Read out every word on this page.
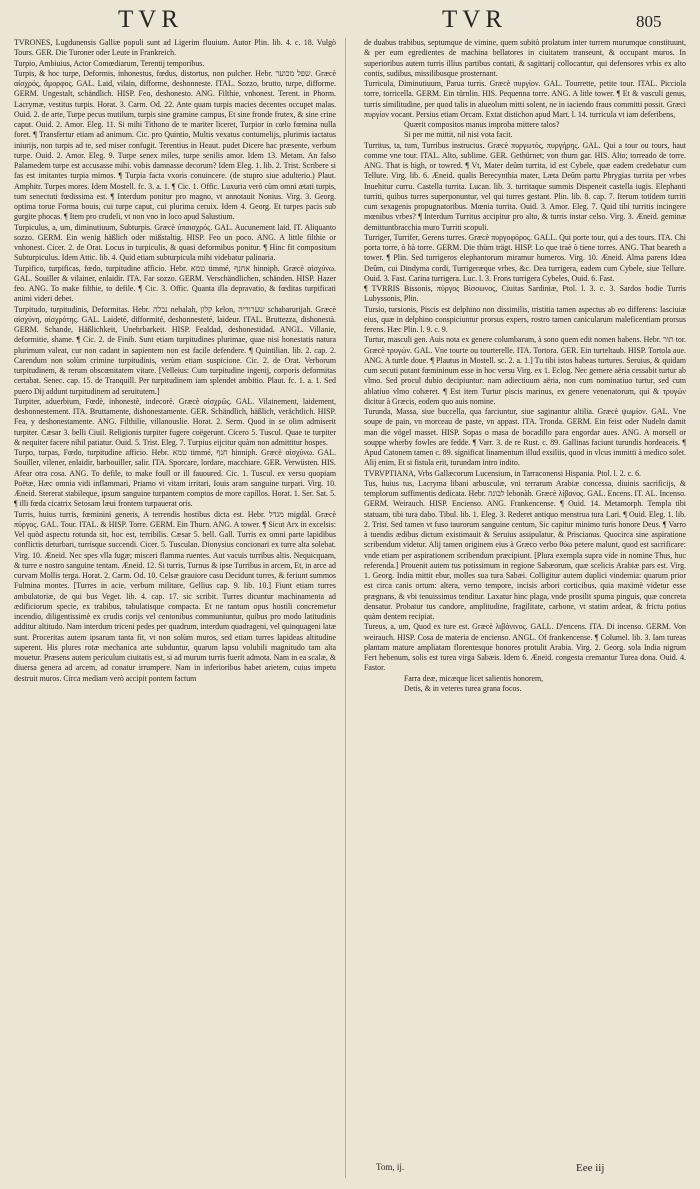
TVR	TVR	805

TVRONES, Lugdunensis Galliæ populi sunt ad Ligerim fluuium. Autor Plin. lib. 4. c. 18. Vulgò Tours. GER. Die Turoner oder Leute in Frankreich.

Turpio, Ambiuius, Actor Comœdiarum, Terentij temporibus.

Turpis, & hoc turpe, Deformis, inhonestus, fœdus, distortus, non pulcher. Hebr. שפל מכוער. Græcè αἰσχρός, ἄμορφος. GAL. Laid, vilain, difforme, deshonneste. ITAL. Sozzo, brutto, turpe, difforme. GERM. Ungestalt, schändlich. HISP. Feo, deshonesto. ANG. Filthie, vnhonest. Terent. in Phorm. Lacrymæ, vestitus turpis. Horat. 3. Carm. Od. 22. Ante quam turpis macies decentes occupet malas. Ouid. 2. de arte, Turpe pecus mutilum, turpis sine gramine campus, Et sine fronde frutex, & sine crine caput. Ouid. 2. Amor. Eleg. 11. Si mihi Tithono de te mariter liceret, Turpior in cœlo fœmina nulla foret. ¶ Transfertur etiam ad animum. Cic. pro Quintio, Multis vexatus contumelijs, plurimis iactatus iniurijs, non turpis ad te, sed miser confugit. Terentius in Heaut. pudet Dicere hac præsente, verbum turpe. Ouid. 2. Amor. Eleg. 9. Turpe senex miles, turpe senilis amor. Idem 13. Metam. An falso Palamedem turpe est accusasse mihi. vobis damnasse decorum? Idem Eleg. 1. lib. 2. Trist. Scribere si fas est imitantes turpia mimos. ¶ Turpia facta vxoris conuincere. (de stupro siue adulterio.) Plaut. Amphitr. Turpes mores. Idem Mostell. fc. 3. a. 1. ¶ Cic. 1. Offic. Luxuria verò cùm omni ætati turpis, tum senectuti fœdissima est. ¶ Interdum ponitur pro magno, vt annotauit Nonius. Virg. 3. Georg. optima torue Forma bouis, cui turpe caput, cui plurima ceruix. Idem 4. Georg. Et turpes pacis sub gurgite phocas. ¶ Item pro crudeli, vt non vno in loco apud Salustium.

Turpiculus, a, um, diminutiuum, Subturpis. Græcè ὑπαισχρός. GAL. Aucunement laid. IT. Aliquanto sozzo. GERM. Ein wenig häßlich oder mißstaltig. HISP. Feo un poco. ANG. A little filthie or vnhonest. Cicer. 2. de Orat. Locus in turpiculis, & quasi deformibus ponitur. ¶ Hinc fit compositum Subturpiculus. Idem Attic. lib. 4. Quid etiam subturpicula mihi videbatur palinaria.

Turpifico, turpificas, fœdo, turpitudine afficio. Hebr. טמא timmé, אחנף hinniph. Græcè αἰσχύνω. GAL. Souiller & vilainer, enlaidir. ITA. Far sozzo. GERM. Verschändlichen, schänden. HISP. Hazer feo. ANG. To make filthie, to defile. ¶ Cic. 3. Offic. Quanta illa depravatio, & fœditas turpificati animi videri debet.

Turpitudo, turpitudinis, Deformitas. Hebr. נבלה nebalah, קלון kelon, שערוריה schabarurijah. Græcè αἰσχύνη, αἰσχρότης. GAL. Laideté, difformité, deshonnesteté, laideur. ITAL. Bruttezza, dishonestà. GERM. Schande, Häßlichkeit, Unehrbarkeit. HISP. Fealdad, deshonestidad. ANGL. Villanie, deformitie, shame. ¶ Cic. 2. de Finib. Sunt etiam turpitudines plurimae, quae nisi honestatis natura plurimum valeat, cur non cadant in sapientem non est facile defendere. ¶ Quintilian. lib. 2. cap. 2. Carendum non solùm crimine turpitudinis, verùm etiam suspicione. Cic. 2. de Orat. Verborum turpitudinem, & rerum obscœnitatem vitare. [Velleius: Cum turpitudine ingenij, corporis deformitas certabat. Senec. cap. 15. de Tranquill. Per turpitudinem iam splendet ambitio. Plaut. fc. 1. a. 1. Sed puero Dij addunt turpitudinem ad seruitutem.]

Turpiter, aduerbium, Fœdè, inhonestè, indecorè. Græcè αἰσχρῶς. GAL. Vilainement, laidement, deshonnestement. ITA. Bruttamente, dishonestamente. GER. Schändlich, häßlich, verächtlich. HISP. Fea, y deshonestamente. ANG. Filthilie, villanouslie. Horat. 2. Serm. Quod in se olim admiserit turpiter. Cæsar 3. belli Ciuil. Religionis turpiter fugere coëgerunt. Cicero 5. Tuscul. Quae te turpiter & nequiter facere nihil patiatur. Ouid. 5. Trist. Eleg. 7. Turpius eijcitur quàm non admittitur hospes.

Turpo, turpas, Fœdo, turpitudine afficio. Hebr. טמא timmé, חנף hinniph. Græcè αἰσχύνω. GAL. Souiller, vilener, enlaidir, barbouiller, salir. ITA. Sporcare, lordare, macchiare. GER. Verwüsten. HIS. Afear otra cosa. ANG. To defile, to make foull or ill fauoured. Cic. 1. Tuscul. ex versu quopiam Poëtæ, Hæc omnia vidi inflammari, Priamo vi vitam irritari, Iouis aram sanguine turpari. Virg. 10. Æneid. Stererat stabileque, ipsum sanguine turpantem comptos de more capillos. Horat. 1. Ser. Sat. 5. ¶ illi fœda cicatrix Setosam læui frontem turpauerat oris.

Turris, huius turris, fœminini generis, A terrendis hostibus dicta est. Hebr. מגדל migdàl. Græcè πύργος. GAL. Tour. ITAL. & HISP. Torre. GERM. Ein Thurn. ANG. A tower. ¶ Sicut Arx in excelsis: Vel quòd aspectu rotunda sit, hoc est, terribilis. Cæsar 5. bell. Gall. Turris ex omni parte lapidibus conflictis deturbari, turrisque succendi. Cicer. 5. Tusculan. Dionysius concionari ex turre alta solebat. Virg. 10. Æneid. Nec spes vlla fugæ; misceri flamma ruentes. Aut vacuis turribus altis. Nequicquam, & turre e nostro sanguine tentam. Æneid. 12. Si turris, Turnus & ipse Turribus in arcem, Et, in arce ad curvam Mollis terga. Horat. 2. Carm. Od. 10. Celsæ grauiore casu Decidunt turres, & feriunt summos Fulmina montes. [Turres in acie, verbum militare, Gellius cap. 9. lib. 10.] Fiunt etiam turres ambulatoriæ, de qui bus Veget. lib. 4. cap. 17. sic scribit. Turres dicuntur machinamenta ad ædificiorum specie, ex trabibus, tabulatisque compacta. Et ne tantum opus hostili concremetur incendio, diligentissimè ex crudis corijs vel centonibus communiuntur, quibus pro modo latitudinis additur altitudo. Nam interdum triceni pedes per quadrum, interdum quadrageni, vel quinquageni latæ sunt. Proceritas autem ipsarum tanta fit, vt non solùm muros, sed etiam turres lapideas altitudine superent. His plures rotæ mechanica arte subduntur, quarum lapsu volubili magnitudo tam alta mouetur. Præsens autem periculum ciuitatis est, si ad murum turris fuerit admota. Nam in ea scalæ, & diuersa genera ad arcem, ad conatur irrumpere. Nam in inferioribus habet arietem, cuius impetu destruit muros. Circa mediam verò accipit pontem factum

de duabus trabibus, septumque de vimine, quem subitò prolatum inter turrem murumque constituunt, & per eum egredientes de machina bellatores in ciuitatem transeunt, & occupant muros. In superioribus autem turris illius partibus contati, & sagittarij collocantur, qui defensores vrbis ex alto contis, sudibus, missilibusque prosternant.

Turricula, Diminutiuum, Parua turris. Græcè πυργίον. GAL. Tourrette, petite tour. ITAL. Picciola torre, torricella. GERM. Ein türnlin. HIS. Pequenna torre. ANG. A litle tower. ¶ Et & vasculi genus, turris similitudine, per quod talis in alueolum mitti solent, ne in iaciendo fraus committi possit. Græci πυργίον vocant. Persius etiam Orcam. Extat distichon apud Mart. l. 14. turricula vt iam deferibens,

Quærit compositos manus improba mittere talos?

Si per me mittit, nil nisi vota facit.

Turritus, ta, tum, Turribus instructus. Græcè πυργωτός, πυργήρης. GAL. Qui a tour ou tours, haut comme vne tour. ITAL. Alto, sublime. GER. Gethürnet; von thurn gar. HIS. Alto; torreado de torre. ANG. That is high, or towred. ¶ Vt, Mater deûm turrita, id est Cybele, quæ eadem credebatur cum Tellure. Virg. lib. 6. Æneid. qualis Berecynthia mater, Læta Deûm partu Phrygias turrita per vrbes Inuehitur curru. Castella turrita. Lucan. lib. 3. turritaque summis Dispeneit castella iugis. Elephanti turriti, quibus turres superponuntur, vel qui turres gestant. Plin. lib. 8. cap. 7. Iterum totidem turriti cum sexagenis propugnatoribus. Mœnia turrita. Ouid. 3. Amor. Eleg. 7. Quid tibi turritis incingere mœnibus vrbes? ¶ Interdum Turritus accipitur pro alto, & turris instar celso. Virg. 3. Æneid. geminæ demittuntbracchia muro Turriti scopuli.

Turriger, Turrifer, Gerens turres. Græcè πυργοφόρος. GALL. Qui porte tour, qui a des tours. ITA. Chi porta torre, ò hà torre. GERM. Die thürn trägt. HISP. Lo que traè ò tiene torres. ANG. That beareth a tower. ¶ Plin. Sed turrigeros elephantorum miramur humeros. Virg. 10. Æneid. Alma parens Idæa Deûm, cui Dindyma cordi, Turrigeræque vrbes, &c. Dea turrigera, eadem cum Cybele, siue Tellure. Ouid. 3. Fast. Carina turrigera. Luc. l. 3. Frons turrigera Cybeles, Ouid. 6. Fast.

¶ TVRRIS Bissonis, πύργος Βίσσωνος, Ciuitas Sardiniæ, Ptol. l. 3. c. 3. Sardos hodie Turris Lubyssonis, Plin.

Tursio, tursionis, Piscis est delphino non dissimilis, tristitia tamen aspectus ab eo differens: lasciuiæ eius, quæ in delphino conspiciuntur prorsus expers, rostro tamen canicularum maleficentiam prorsus ferens. Hæc Plin. l. 9. c. 9.

Turtur, masculi gen. Auis nota ex genere columbarum, à sono quem edit nomen habens. Hebr. תור tor. Græcè τρυγών. GAL. Vne tourte ou tourterelle. ITA. Tortora. GER. Ein turteltaub. HISP. Tortola aue. ANG. A turtle doue. ¶ Plautus in Mostell. sc. 2. a. 1.] Tu tibi istos habeas turtures. Seruius, & quidam cum secuti putant fœmininum esse in hoc versu Virg. ex 1. Eclog. Nec gemere aëria cessabit turtur ab vlmo. Sed procul dubio decipiuntur: nam adiectiuum aëria, non cum nominatiuo turtur, sed cum ablatiuo vlmo cohæret. ¶ Est item Turtur piscis marinus, ex genere venenatorum, qui & τρυγών dicitur à Græcis, eodem quo auis nomine.

Turunda, Massa, siue buccella, qua farciuntur, siue saginantur altilia. Græcè ψωμίον. GAL. Vne soupe de pain, vn morceau de paste, vn appast. ITA. Tronda. GERM. Ein feist oder Nudeln damit man die vögel masset. HISP. Sopas o masa de bocadillo para engordar aues. ANG. A morsell or souppe wherby fowles are fedde. ¶ Varr. 3. de re Rust. c. 89. Gallinas faciunt turundis hordeaceis. ¶ Apud Catonem tamen c. 89. significat linamentum illud exsiliis, quod in vlcus immitti à medico solet. Alij enim, Et si fistula erit, turundam intro indito.

TVRVPTIANA, Vrbs Gallæcorum Lucensium, in Tarraconensi Hispania. Ptol. l. 2. c. 6.

Tus, huius tus, Lacryma libani arbusculæ, vni terrarum Arabiæ concessa, diuinis sacrificijs, & templorum suffimentis dedicata. Hebr. לבונה lebonàh. Græcè λίβανος. GAL. Encens. IT. AL. Incenso. GERM. Weirauch. HISP. Encienso. ANG. Frankencense. ¶ Ouid. 14. Metamorph. Templa tibi statuam, tibi tura dabo. Tibul. lib. 1. Eleg. 3. Rederet antiquo menstrua tura Lari. ¶ Ouid. Eleg. 1. lib. 2. Trist. Sed tamen vt fuso taurorum sanguine centum, Sic capitur minimo turis honore Deus. ¶ Varro à tuendis ædibus dictum existimauit & Seruius assipulatur, & Priscianus. Quocirca sine aspiratione scribendum videtur. Alij tamen originem eius à Græco verbo θύω petere malunt, quod est sacrificare: vnde etiam per aspirationem scribendum præcipiunt. [Plura exempla supra vide in nomine Thus, huc referenda.] Prouenit autem tus potissimum in regione Sabæorum, quæ scelicis Arabiæ pars est. Virg. 1. Georg. India mittit ebur, molles sua tura Sabæi. Colligitur autem duplici vindemia: quarum prior est circa canis ortum: altera, verno tempore, incisis arbori corticibus, quia maximè videtur esse prægnans, & vbi tenuissimus tenditur. Laxatur hinc plaga, vnde prosilit spuma pinguis, quæ concreta densatur. Probatur tus candore, amplitudine, fragilitate, carbone, vt statim ardeat, & frictu potius quàm dentem recipiat.

Tureus, a, um, Quod ex ture est. Græcè λιβάνινος. GALL. D'encens. ITA. Di incenso. GERM. Von weirauch. HISP. Cosa de materia de encienso. ANGL. Of frankencense. ¶ Columel. lib. 3. Iam tureas plantam mature ampliatam florentesque honores protulit Arabia. Virg. 2. Georg. sola India nigrum Fert hebenum, solis est turea virga Sabæis. Idem 6. Æneid. congesta cremantur Turea dona. Ouid. 4. Fastor.

Farra deæ, micæque licet salientis honorem,

Detis, & in veteres turea grana focos.

Tom, ij.	Eee iij
